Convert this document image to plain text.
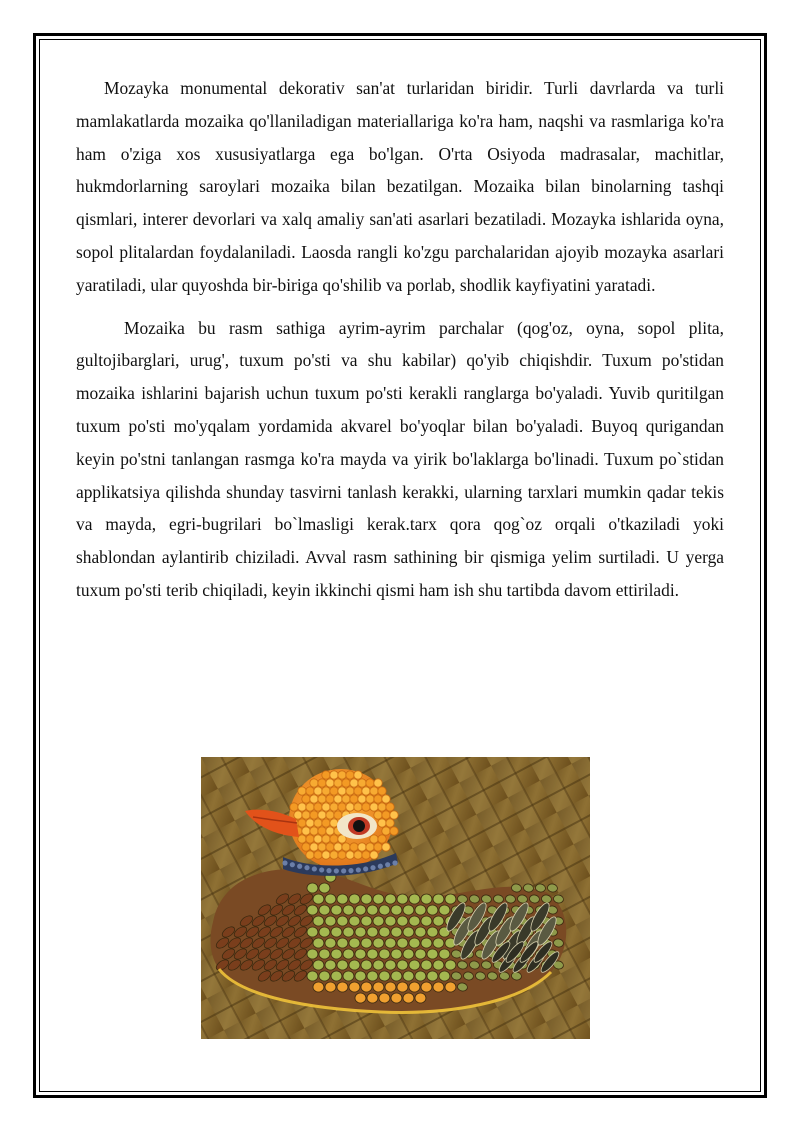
Mozayka monumental dekorativ san'at turlaridan biridir. Turli davrlarda va turli mamlakatlarda mozaika qo'llaniladigan materiallariga ko'ra ham, naqshi va rasmlariga ko'ra ham o'ziga xos xususiyatlarga ega bo'lgan. O'rta Osiyoda madrasalar, machitlar, hukmdorlarning saroylari mozaika bilan bezatilgan. Mozaika bilan binolarning tashqi qismlari, interer devorlari va xalq amaliy san'ati asarlari bezatiladi. Mozayka ishlarida oyna, sopol plitalardan foydalaniladi. Laosda rangli ko'zgu parchalaridan ajoyib mozayka asarlari yaratiladi, ular quyoshda bir-biriga qo'shilib va porlab, shodlik kayfiyatini yaratadi.

Mozaika bu rasm sathiga ayrim-ayrim parchalar (qog'oz, oyna, sopol plita, gultojibarglari, urug', tuxum po'sti va shu kabilar) qo'yib chiqishdir. Tuxum po'stidan mozaika ishlarini bajarish uchun tuxum po'sti kerakli ranglarga bo'yaladi. Yuvib quritilgan tuxum po'sti mo'yqalam yordamida akvarel bo'yoqlar bilan bo'yaladi. Buyoq qurigandan keyin po'stni tanlangan rasmga ko'ra mayda va yirik bo'laklarga bo'linadi. Tuxum po`stidan applikatsiya qilishda shunday tasvirni tanlash kerakki, ularning tarxlari mumkin qadar tekis va mayda, egri-bugrilari bo`lmasligi kerak.tarx qora qog`oz orqali o'tkaziladi yoki shablondan aylantirib chiziladi. Avval rasm sathining bir qismiga yelim surtiladi. U yerga tuxum po'sti terib chiqiladi, keyin ikkinchi qismi ham ish shu tartibda davom ettiriladi.
